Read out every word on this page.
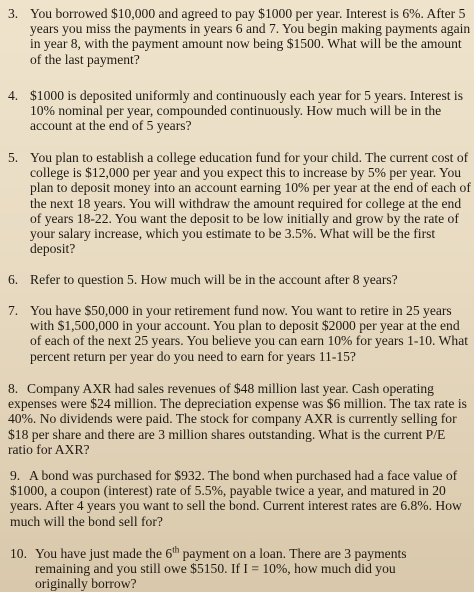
3. You borrowed $10,000 and agreed to pay $1000 per year. Interest is 6%. After 5
years you miss the payments in years 6 and 7. You begin making payments again
in year 8, with the payment amount now being $1500. What will be the amount
of the last payment?
4. $1000 is deposited uniformly and continuously each year for 5 years. Interest is
10% nominal per year, compounded continuously. How much will be in the
account at the end of 5 years?
5. You plan to establish a college education fund for your child. The current cost of
college is $12,000 per year and you expect this to increase by 5% per year. You
plan to deposit money into an account earning 10% per year at the end of each of
the next 18 years. You will withdraw the amount required for college at the end
of years 18-22. You want the deposit to be low initially and grow by the rate of
your salary increase, which you estimate to be 3.5%. What will be the first
deposit?
6. Refer to question 5. How much will be in the account after 8 years?
7. You have $50,000 in your retirement fund now. You want to retire in 25 years
with $1,500,000 in your account. You plan to deposit $2000 per year at the end
of each of the next 25 years. You believe you can earn 10% for years 1-10. What
percent return per year do you need to earn for years 11-15?
8. Company AXR had sales revenues of $48 million last year. Cash operating
expenses were $24 million. The depreciation expense was $6 million. The tax rate is
40%. No dividends were paid. The stock for company AXR is currently selling for
$18 per share and there are 3 million shares outstanding. What is the current P/E
ratio for AXR?
9. A bond was purchased for $932. The bond when purchased had a face value of
$1000, a coupon (interest) rate of 5.5%, payable twice a year, and matured in 20
years. After 4 years you want to sell the bond. Current interest rates are 6.8%. How
much will the bond sell for?
10. You have just made the 6th payment on a loan. There are 3 payments
remaining and you still owe $5150. If I = 10%, how much did you
originally borrow?
